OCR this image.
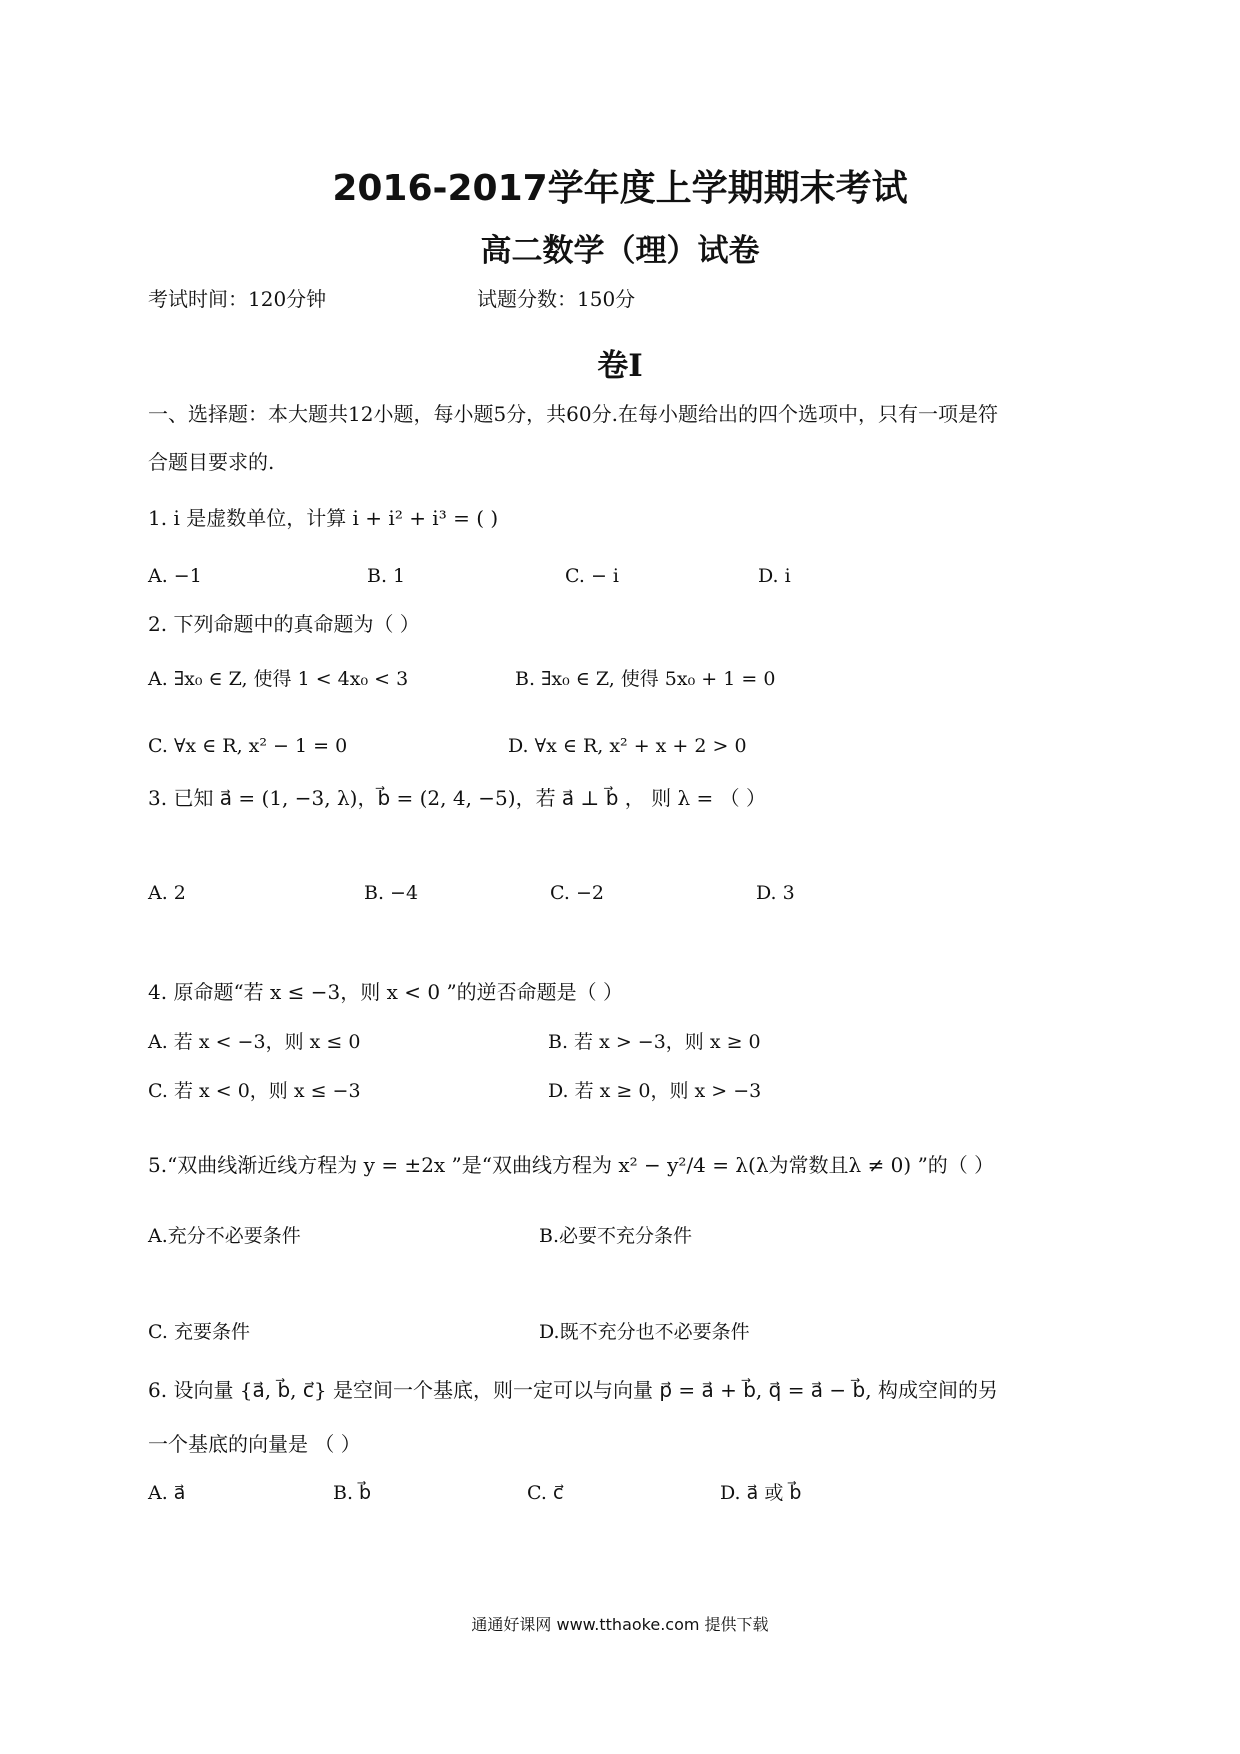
2016-2017学年度上学期期末考试
高二数学（理）试卷
考试时间：120分钟	试题分数：150分
卷Ⅰ
一、选择题：本大题共12小题，每小题5分，共60分.在每小题给出的四个选项中，只有一项是符
合题目要求的.
1. i 是虚数单位，计算 i + i² + i³ = ( )
A. −1	B. 1	C. − i	D. i
2. 下列命题中的真命题为（ ）
A. ∃x₀ ∈ Z, 使得 1 < 4x₀ < 3	B. ∃x₀ ∈ Z, 使得 5x₀ + 1 = 0
C. ∀x ∈ R, x² − 1 = 0	D. ∀x ∈ R, x² + x + 2 > 0
3. 已知 a⃗ = (1, −3, λ)，b⃗ = (2, 4, −5)，若 a⃗ ⊥ b⃗ ， 则 λ = （ ）
A. 2	B. −4	C. −2	D. 3
4. 原命题“若 x ≤ −3，则 x < 0 ”的逆否命题是（ ）
A. 若 x < −3，则 x ≤ 0	B. 若 x > −3，则 x ≥ 0
C. 若 x < 0，则 x ≤ −3	D. 若 x ≥ 0，则 x > −3
5.“双曲线渐近线方程为 y = ±2x ”是“双曲线方程为 x² − y²/4 = λ(λ为常数且λ ≠ 0) ”的（ ）
A.充分不必要条件	B.必要不充分条件
C. 充要条件	D.既不充分也不必要条件
6. 设向量 {a⃗, b⃗, c⃗} 是空间一个基底，则一定可以与向量 p⃗ = a⃗ + b⃗, q⃗ = a⃗ − b⃗, 构成空间的另
一个基底的向量是 （ ）
A. a⃗	B. b⃗	C. c⃗	D. a⃗ 或 b⃗
通通好课网 www.tthaoke.com 提供下载
